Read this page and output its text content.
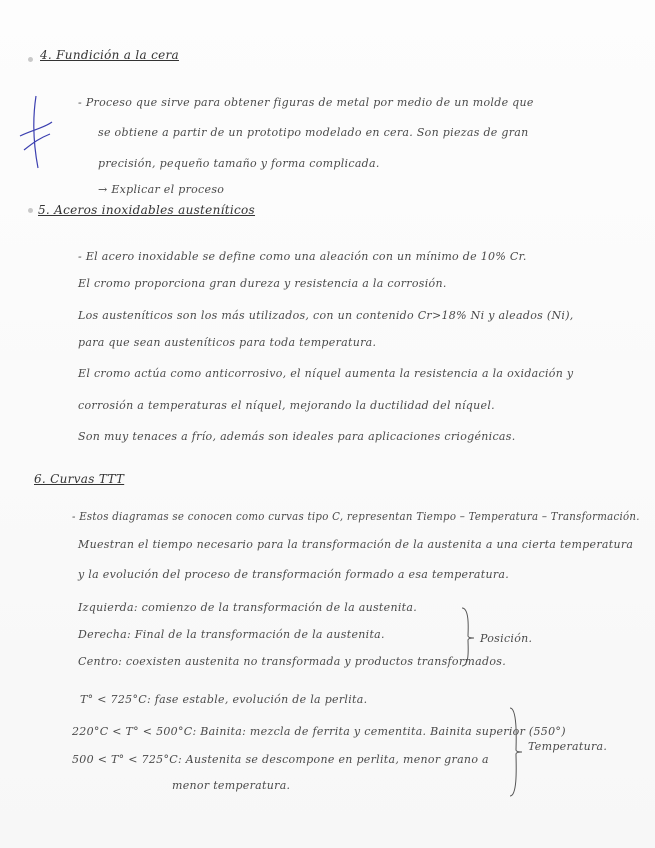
4. Fundición a la cera
- Proceso que sirve para obtener figuras de metal por medio de un molde que
se obtiene a partir de un prototipo modelado en cera. Son piezas de gran
precisión, pequeño tamaño y forma complicada.
→ Explicar el proceso
5. Aceros inoxidables austeníticos
- El acero inoxidable se define como una aleación con un mínimo de 10% Cr.
El cromo proporciona gran dureza y resistencia a la corrosión.
Los austeníticos son los más utilizados, con un contenido Cr>18% Ni y aleados (Ni),
para que sean austeníticos para toda temperatura.
El cromo actúa como anticorrosivo, el níquel aumenta la resistencia a la oxidación y
corrosión a temperaturas el níquel, mejorando la ductilidad del níquel.
Son muy tenaces a frío, además son ideales para aplicaciones criogénicas.
6. Curvas TTT
- Estos diagramas se conocen como curvas tipo C, representan Tiempo – Temperatura – Transformación.
Muestran el tiempo necesario para la transformación de la austenita a una cierta temperatura
y la evolución del proceso de transformación formado a esa temperatura.
Izquierda: comienzo de la transformación de la austenita.
Derecha: Final de la transformación de la austenita.
Centro: coexisten austenita no transformada y productos transformados.
Posición.
T° < 725°C: fase estable, evolución de la perlita.
220°C < T° < 500°C: Bainita: mezcla de ferrita y cementita. Bainita superior (550°)
500 < T° < 725°C: Austenita se descompone en perlita, menor grano a
menor temperatura.
Temperatura.
